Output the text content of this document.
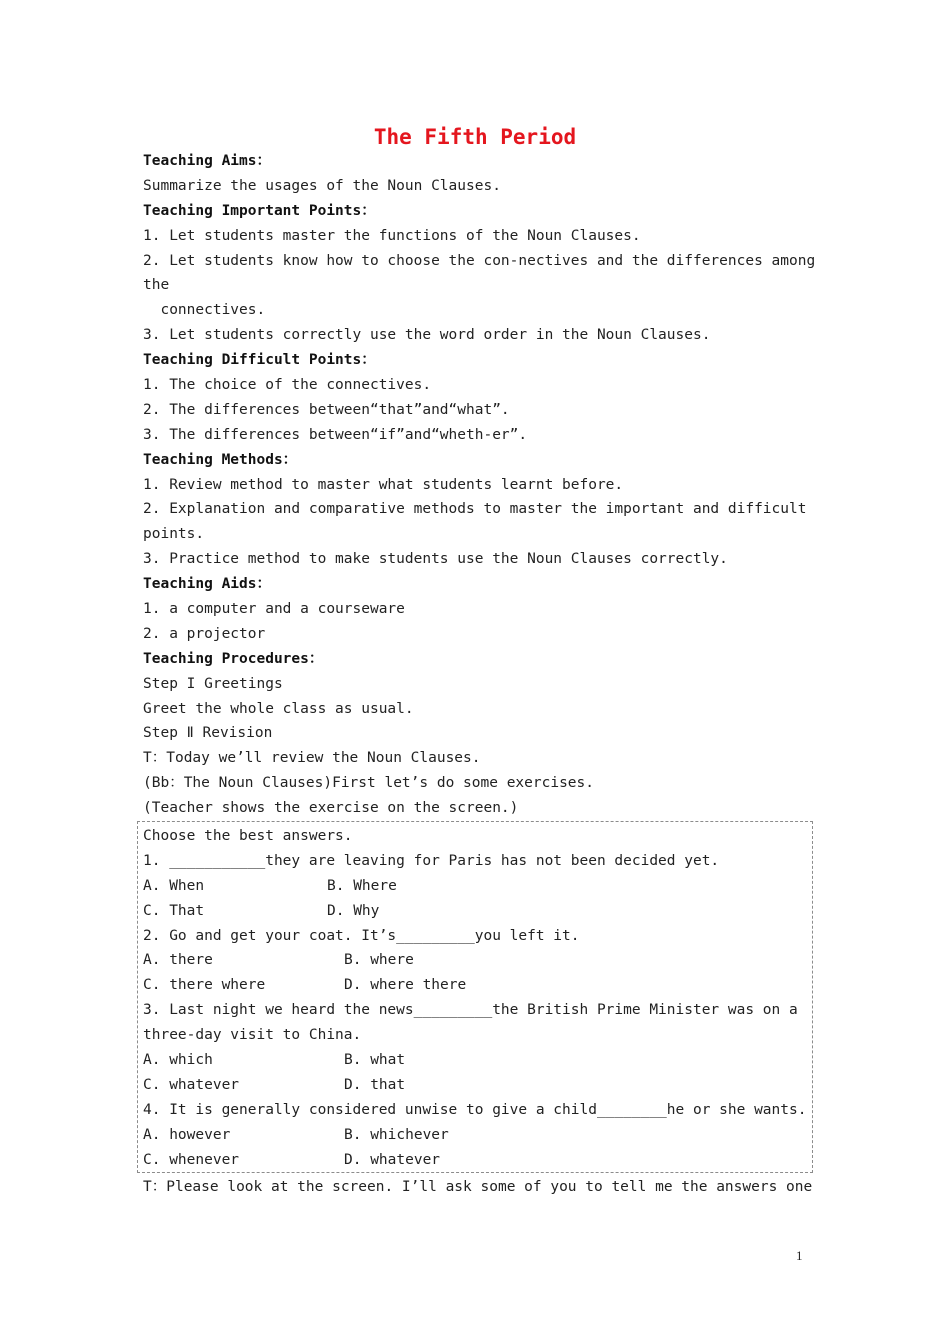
The Fifth Period
Teaching Aims：
Summarize the usages of the Noun Clauses.
Teaching Important Points：
1. Let students master the functions of the Noun Clauses.
2. Let students know how to choose the con-nectives and the differences among
the
connectives.
3. Let students correctly use the word order in the Noun Clauses.
Teaching Difficult Points：
1. The choice of the connectives.
2. The differences between“that”and“what”.
3. The differences between“if”and“wheth-er”.
Teaching Methods：
1. Review method to master what students learnt before.
2. Explanation and comparative methods to master the important and difficult
points.
3. Practice method to make students use the Noun Clauses correctly.
Teaching Aids：
1. a computer and a courseware
2. a projector
Teaching Procedures：
Step I Greetings
Greet the whole class as usual.
Step Ⅱ Revision
T：Today we’ll review the Noun Clauses.
(Bb：The Noun Clauses)First let’s do some exercises.
(Teacher shows the exercise on the screen.)
Choose the best answers.
1. ___________they are leaving for Paris has not been decided yet.
A. When	B. Where
C. That	D. Why
2. Go and get your coat. It’s_________you left it.
A. there	B. where
C. there where	D. where there
3. Last night we heard the news_________the British Prime Minister was on a
three-day visit to China.
A. which	B. what
C. whatever	D. that
4. It is generally considered unwise to give a child________he or she wants.
A. however	B. whichever
C. whenever	D. whatever
T：Please look at the screen. I’ll ask some of you to tell me the answers one
1
